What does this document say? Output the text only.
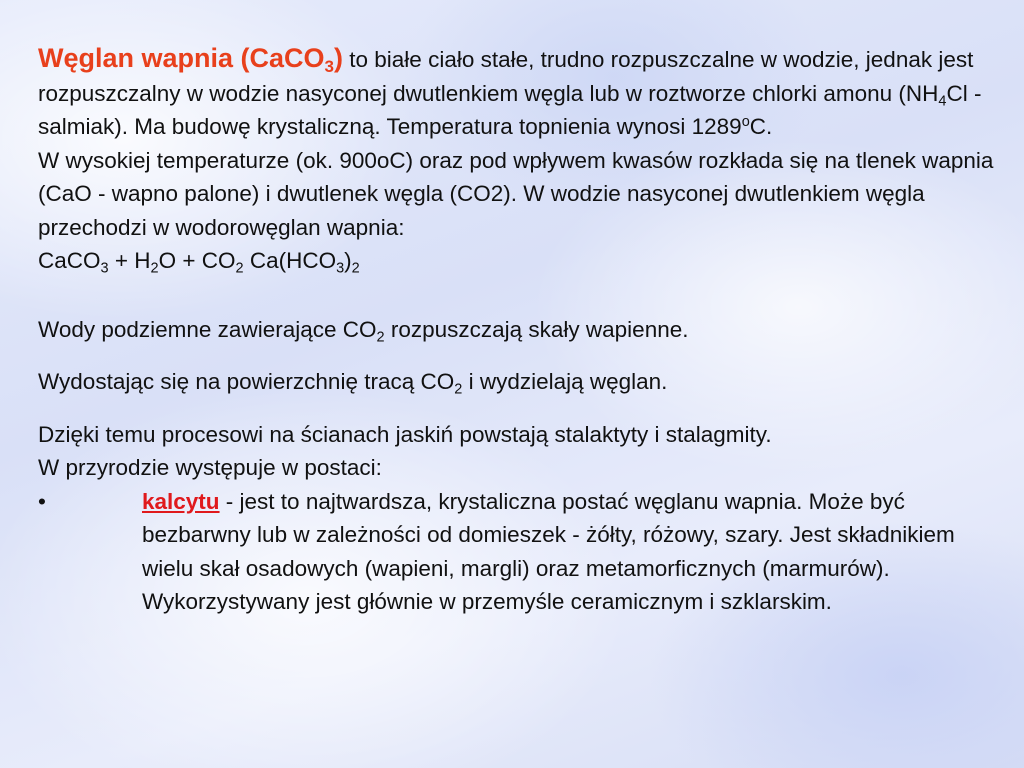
Węglan wapnia (CaCO$_3$) to białe ciało stałe, trudno rozpuszczalne w wodzie, jednak jest rozpuszczalny w wodzie nasyconej dwutlenkiem węgla lub w roztworze chlorki amonu ($NH_4Cl$ - salmiak). Ma budowę krystaliczną. Temperatura topnienia wynosi 1289$^o$C.

W wysokiej temperaturze (ok. 900oC) oraz pod wpływem kwasów rozkłada się na tlenek wapnia (CaO - wapno palone) i dwutlenek węgla (CO2). W wodzie nasyconej dwutlenkiem węgla przechodzi w wodorowęglan wapnia:

CaCO$_3$ + $H_2O + CO_2$ $Ca(HCO_3)_2$

Wody podziemne zawierające $CO_2$ rozpuszczają skały wapienne.

Wydostając się na powierzchnię tracą $CO_2$ i wydzielają węglan.

Dzięki temu procesowi na ścianach jaskiń powstają stalaktyty i stalagmity.
W przyrodzie występuje w postaci:

•	kalcytu - jest to najtwardsza, krystaliczna postać węglanu wapnia. Może być bezbarwny lub w zależności od domieszek - żółty, różowy, szary. Jest składnikiem wielu skał osadowych (wapieni, margli) oraz metamorficznych (marmurów). Wykorzystywany jest głównie w przemyśle ceramicznym i szklarskim.
